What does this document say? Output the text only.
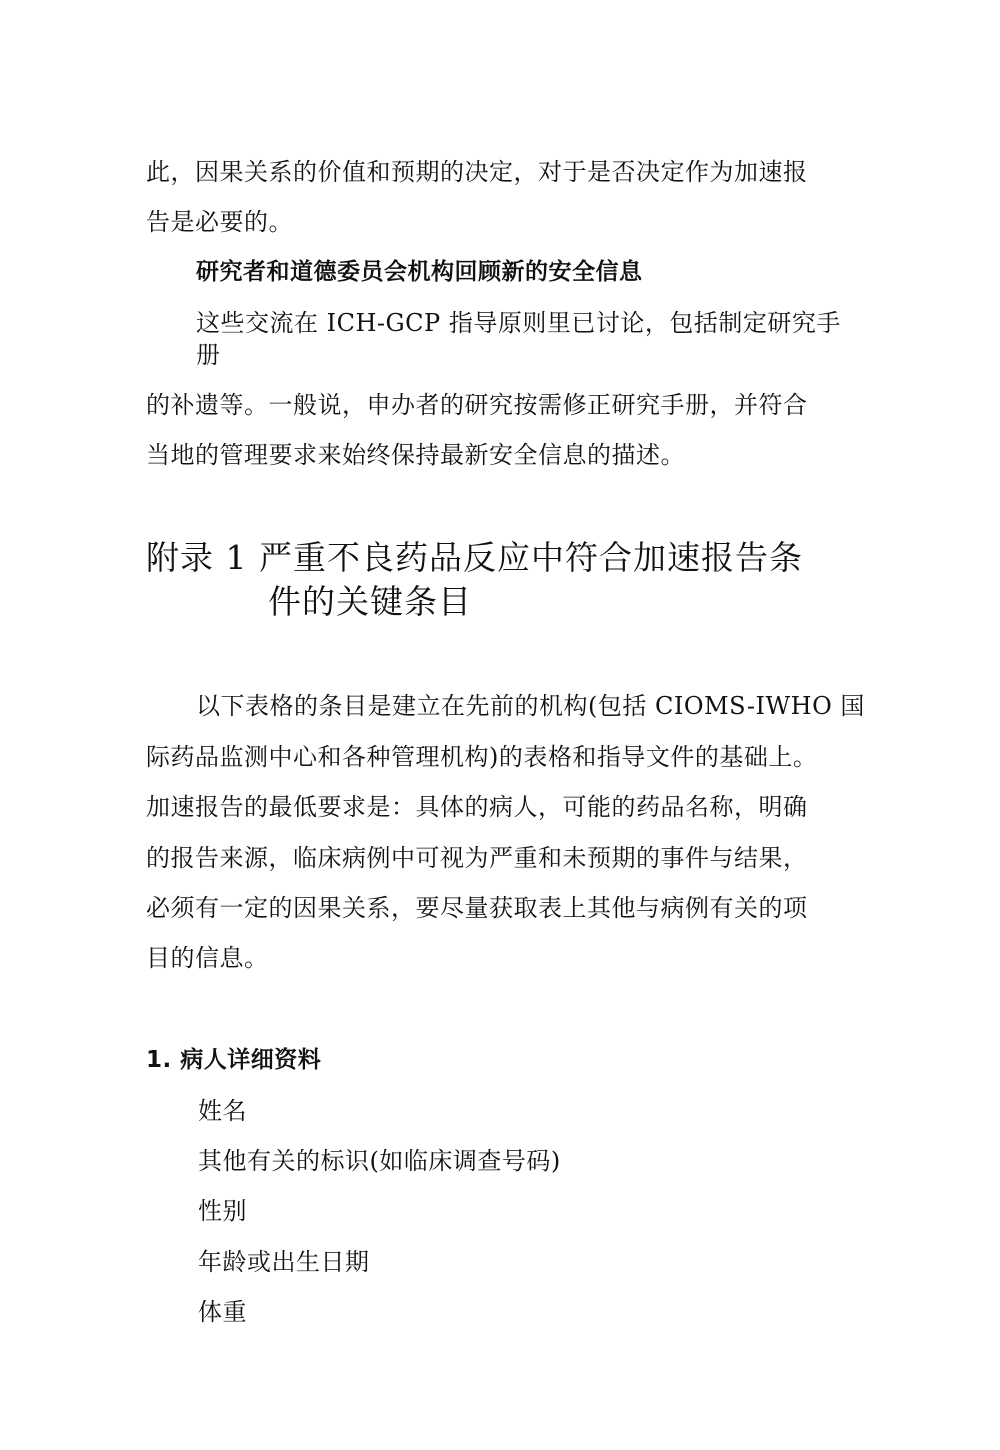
此，因果关系的价值和预期的决定，对于是否决定作为加速报
告是必要的。
研究者和道德委员会机构回顾新的安全信息
这些交流在 ICH-GCP 指导原则里已讨论，包括制定研究手
册
的补遗等。一般说，申办者的研究按需修正研究手册，并符合
当地的管理要求来始终保持最新安全信息的描述。
附录 1 严重不良药品反应中符合加速报告条
件的关键条目
以下表格的条目是建立在先前的机构(包括 CIOMS-IWHO 国
际药品监测中心和各种管理机构)的表格和指导文件的基础上。
加速报告的最低要求是：具体的病人，可能的药品名称，明确
的报告来源，临床病例中可视为严重和未预期的事件与结果，
必须有一定的因果关系，要尽量获取表上其他与病例有关的项
目的信息。
1. 病人详细资料
姓名
其他有关的标识(如临床调查号码)
性别
年龄或出生日期
体重
